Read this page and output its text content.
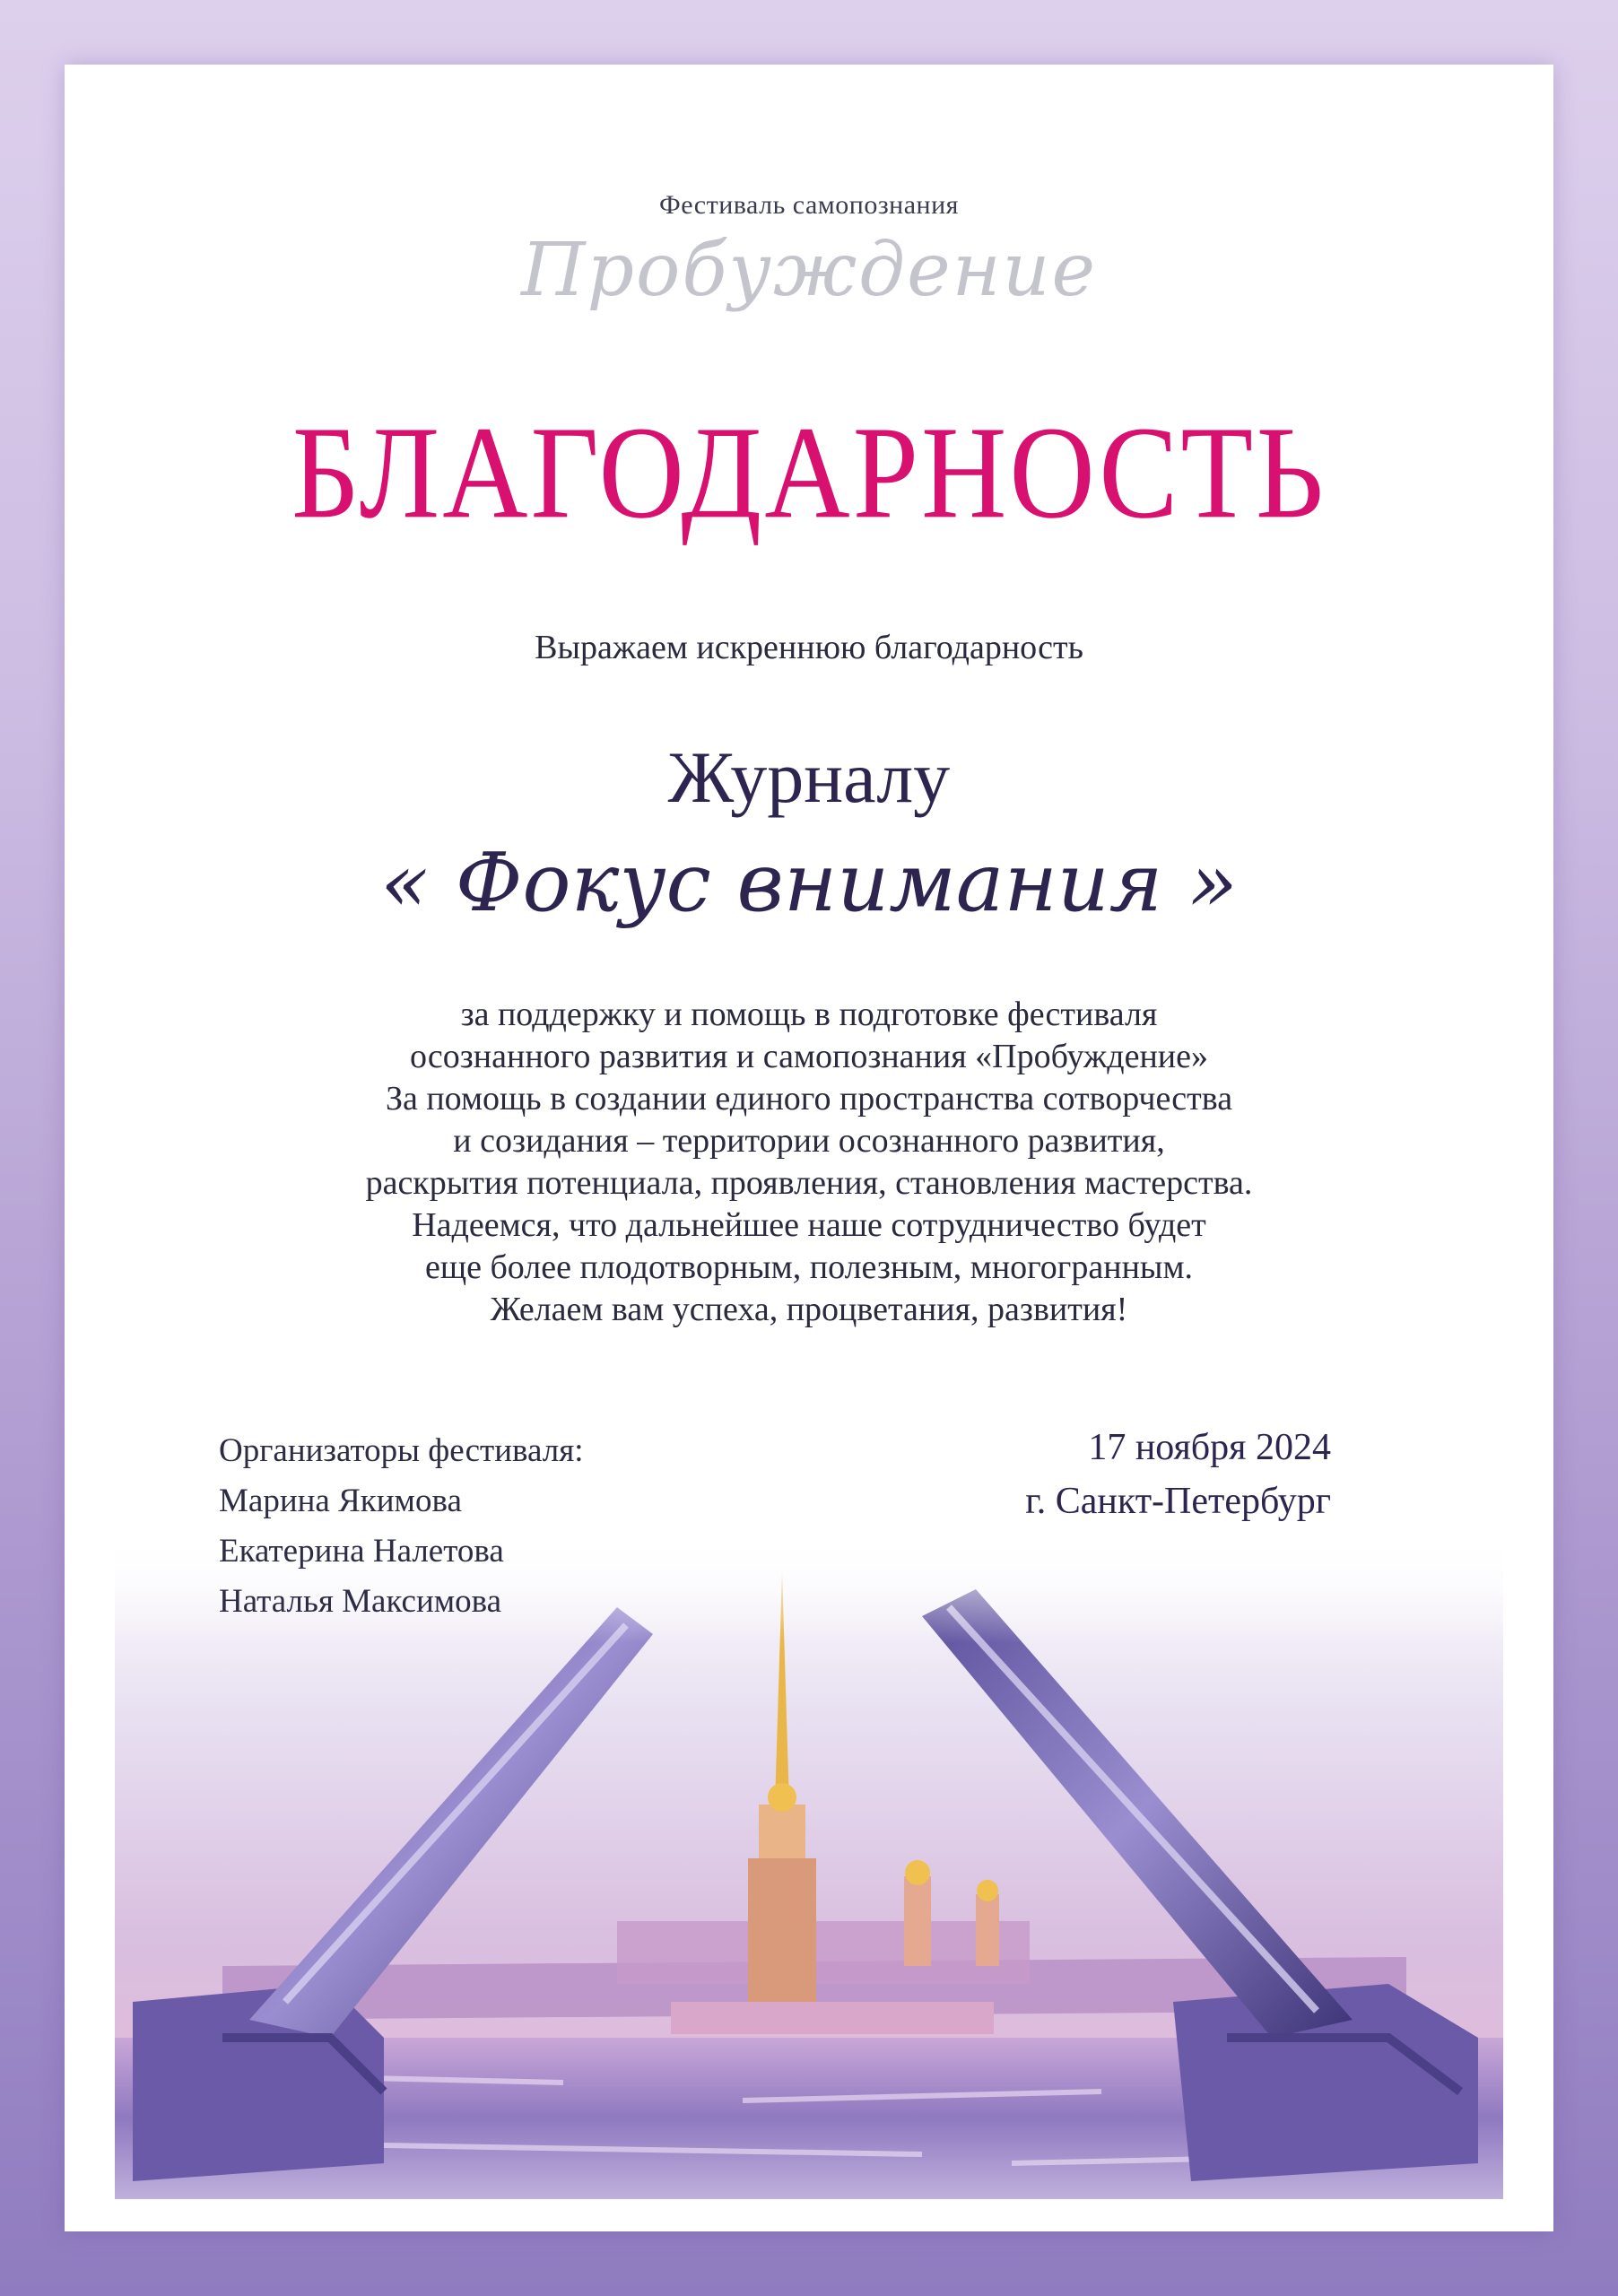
Фестиваль самопознания
Пробуждение
БЛАГОДАРНОСТЬ
Выражаем искреннюю благодарность
Журналу
« Фокус внимания »
за поддержку и помощь в подготовке фестиваля
осознанного развития и самопознания «Пробуждение»
За помощь в создании единого пространства сотворчества
и созидания – территории осознанного развития,
раскрытия потенциала, проявления, становления мастерства.
Надеемся, что дальнейшее наше сотрудничество будет
еще более плодотворным, полезным, многогранным.
Желаем вам успеха, процветания, развития!
Организаторы фестиваля:
Марина Якимова
Екатерина Налетова
Наталья Максимова
17 ноября 2024
г. Санкт-Петербург
